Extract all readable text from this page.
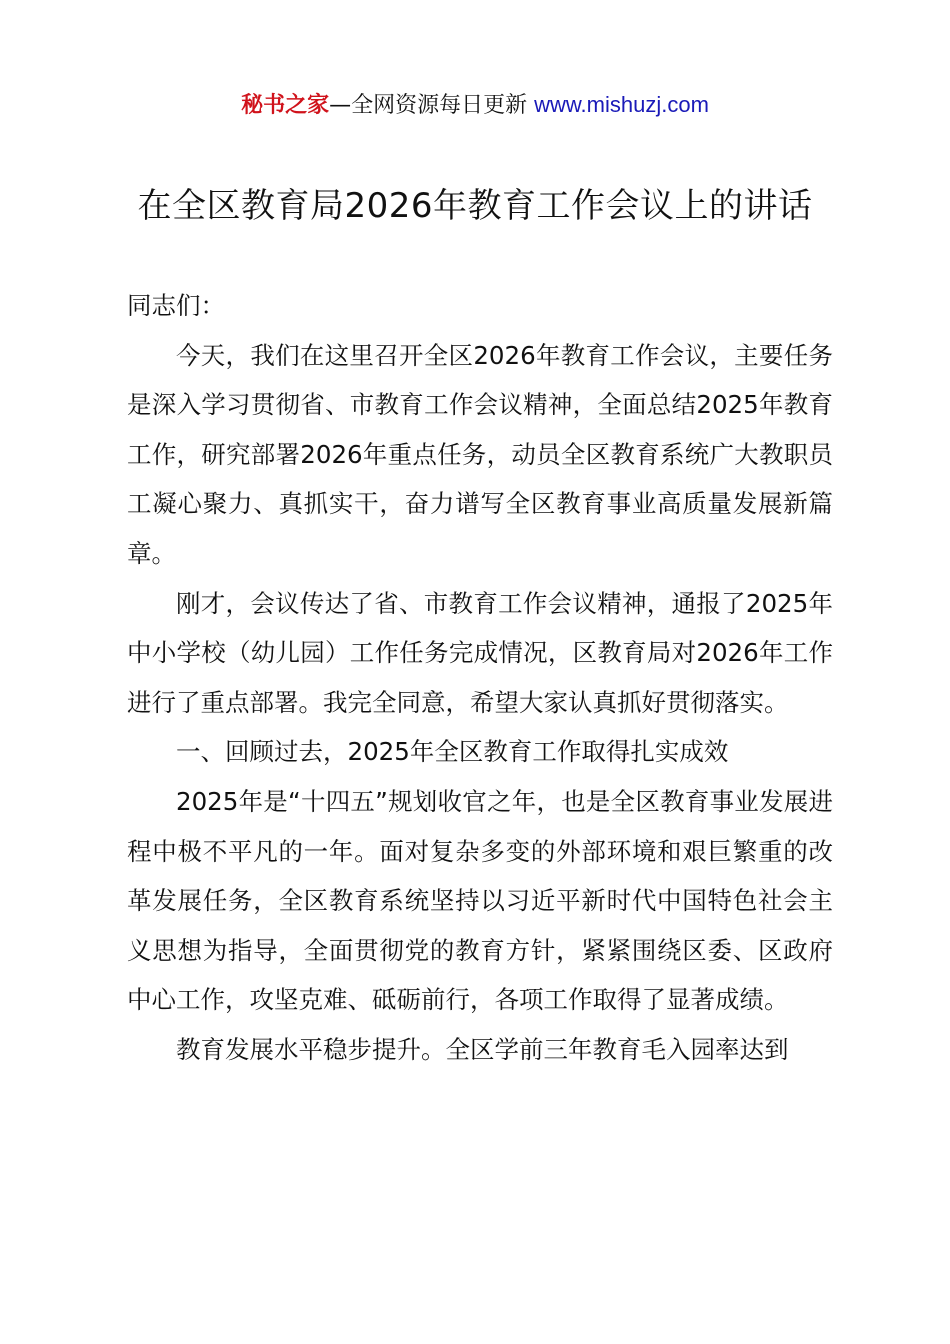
秘书之家—全网资源每日更新 www.mishuzj.com
在全区教育局2026年教育工作会议上的讲话

同志们：

今天，我们在这里召开全区2026年教育工作会议，主要任务是深入学习贯彻省、市教育工作会议精神，全面总结2025年教育工作，研究部署2026年重点任务，动员全区教育系统广大教职员工凝心聚力、真抓实干，奋力谱写全区教育事业高质量发展新篇章。

刚才，会议传达了省、市教育工作会议精神，通报了2025年中小学校（幼儿园）工作任务完成情况，区教育局对2026年工作进行了重点部署。我完全同意，希望大家认真抓好贯彻落实。

一、回顾过去，2025年全区教育工作取得扎实成效

2025年是“十四五”规划收官之年，也是全区教育事业发展进程中极不平凡的一年。面对复杂多变的外部环境和艰巨繁重的改革发展任务，全区教育系统坚持以习近平新时代中国特色社会主义思想为指导，全面贯彻党的教育方针，紧紧围绕区委、区政府中心工作，攻坚克难、砥砺前行，各项工作取得了显著成绩。

教育发展水平稳步提升。全区学前三年教育毛入园率达到
